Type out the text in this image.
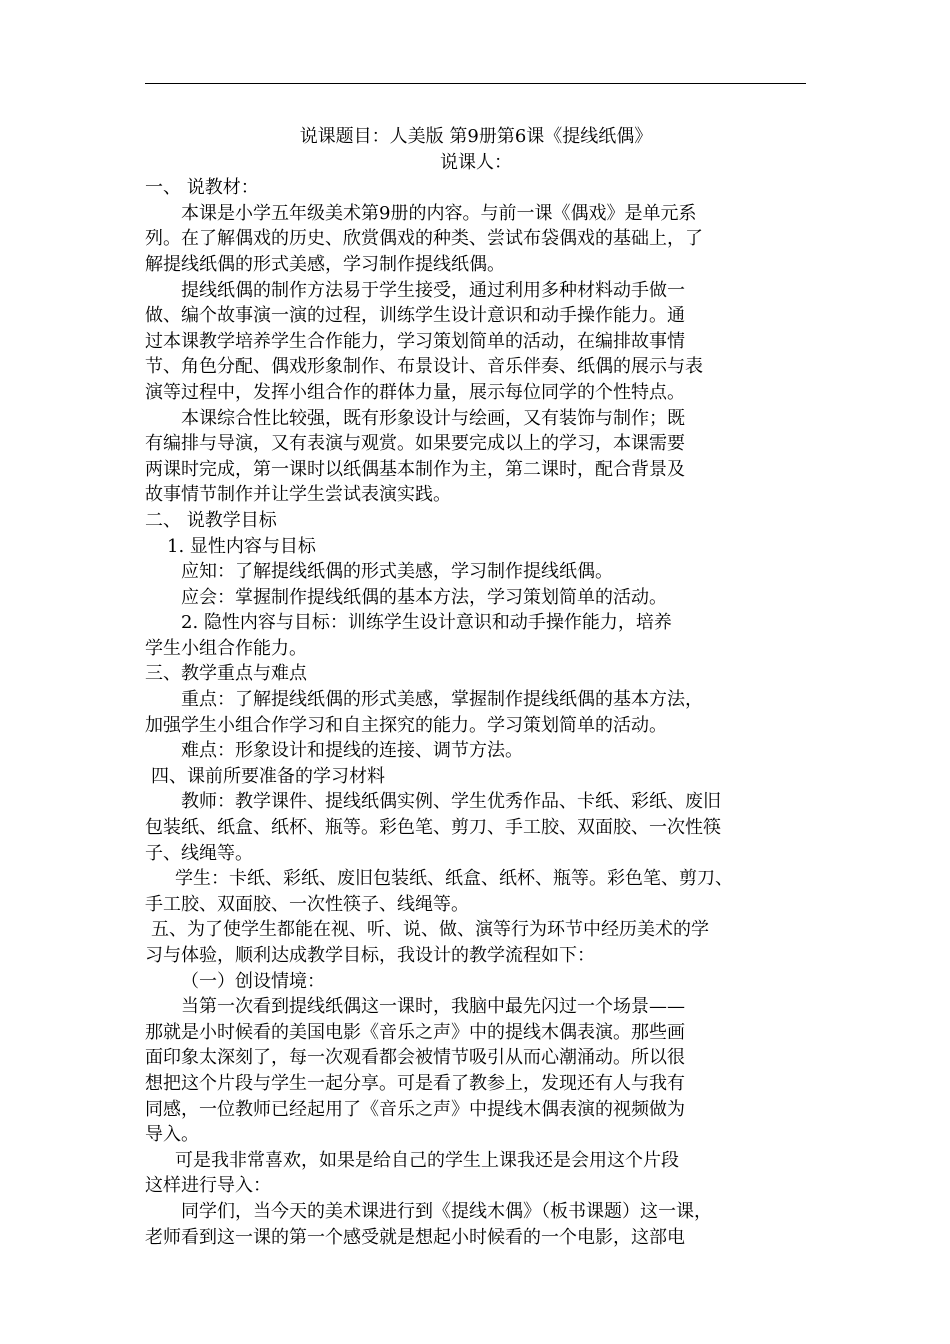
说课题目：人美版 第9册第6课《提线纸偶》
说课人：
一、 说教材：
本课是小学五年级美术第9册的内容。与前一课《偶戏》是单元系
列。在了解偶戏的历史、欣赏偶戏的种类、尝试布袋偶戏的基础上，了
解提线纸偶的形式美感，学习制作提线纸偶。
提线纸偶的制作方法易于学生接受，通过利用多种材料动手做一
做、编个故事演一演的过程，训练学生设计意识和动手操作能力。通
过本课教学培养学生合作能力，学习策划简单的活动，在编排故事情
节、角色分配、偶戏形象制作、布景设计、音乐伴奏、纸偶的展示与表
演等过程中，发挥小组合作的群体力量，展示每位同学的个性特点。
本课综合性比较强，既有形象设计与绘画，又有装饰与制作；既
有编排与导演，又有表演与观赏。如果要完成以上的学习，本课需要
两课时完成，第一课时以纸偶基本制作为主，第二课时，配合背景及
故事情节制作并让学生尝试表演实践。
二、 说教学目标
1. 显性内容与目标
应知：了解提线纸偶的形式美感，学习制作提线纸偶。
应会：掌握制作提线纸偶的基本方法，学习策划简单的活动。
2. 隐性内容与目标：训练学生设计意识和动手操作能力，培养
学生小组合作能力。
三、教学重点与难点
重点：了解提线纸偶的形式美感，掌握制作提线纸偶的基本方法，
加强学生小组合作学习和自主探究的能力。学习策划简单的活动。
难点：形象设计和提线的连接、调节方法。
四、课前所要准备的学习材料
教师：教学课件、提线纸偶实例、学生优秀作品、卡纸、彩纸、废旧
包装纸、纸盒、纸杯、瓶等。彩色笔、剪刀、手工胶、双面胶、一次性筷
子、线绳等。
学生：卡纸、彩纸、废旧包装纸、纸盒、纸杯、瓶等。彩色笔、剪刀、
手工胶、双面胶、一次性筷子、线绳等。
五、为了使学生都能在视、听、说、做、演等行为环节中经历美术的学
习与体验，顺利达成教学目标，我设计的教学流程如下：
（一）创设情境：
当第一次看到提线纸偶这一课时，我脑中最先闪过一个场景——
那就是小时候看的美国电影《音乐之声》中的提线木偶表演。那些画
面印象太深刻了，每一次观看都会被情节吸引从而心潮涌动。所以很
想把这个片段与学生一起分享。可是看了教参上，发现还有人与我有
同感，一位教师已经起用了《音乐之声》中提线木偶表演的视频做为
导入。
可是我非常喜欢，如果是给自己的学生上课我还是会用这个片段
这样进行导入：
同学们，当今天的美术课进行到《提线木偶》（板书课题）这一课，
老师看到这一课的第一个感受就是想起小时候看的一个电影，这部电
